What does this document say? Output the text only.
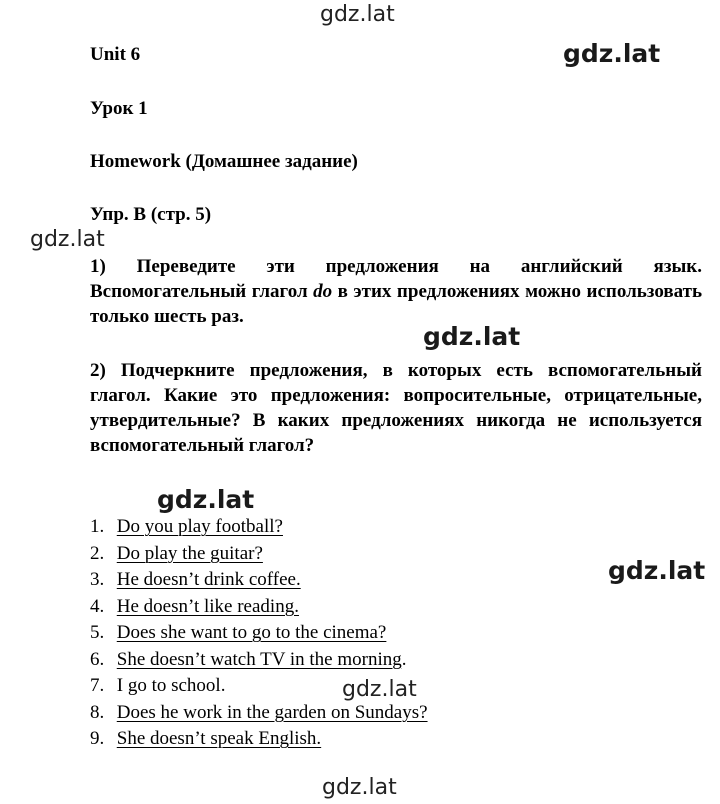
gdz.lat
gdz.lat
gdz.lat
gdz.lat
gdz.lat
gdz.lat
gdz.lat
gdz.lat
Unit 6
Урок 1
Homework (Домашнее задание)
Упр. B (стр. 5)
1) Переведите эти предложения на английский язык. Вспомогательный глагол do в этих предложениях можно использовать только шесть раз.
2) Подчеркните предложения, в которых есть вспомогательный глагол. Какие это предложения: вопросительные, отрицательные, утвердительные? В каких предложениях никогда не используется вспомогательный глагол?
1. Do you play football?
2. Do play the guitar?
3. He doesn’t drink coffee.
4. He doesn’t like reading.
5. Does she want to go to the cinema?
6. She doesn’t watch TV in the morning.
7. I go to school.
8. Does he work in the garden on Sundays?
9. She doesn’t speak English.
